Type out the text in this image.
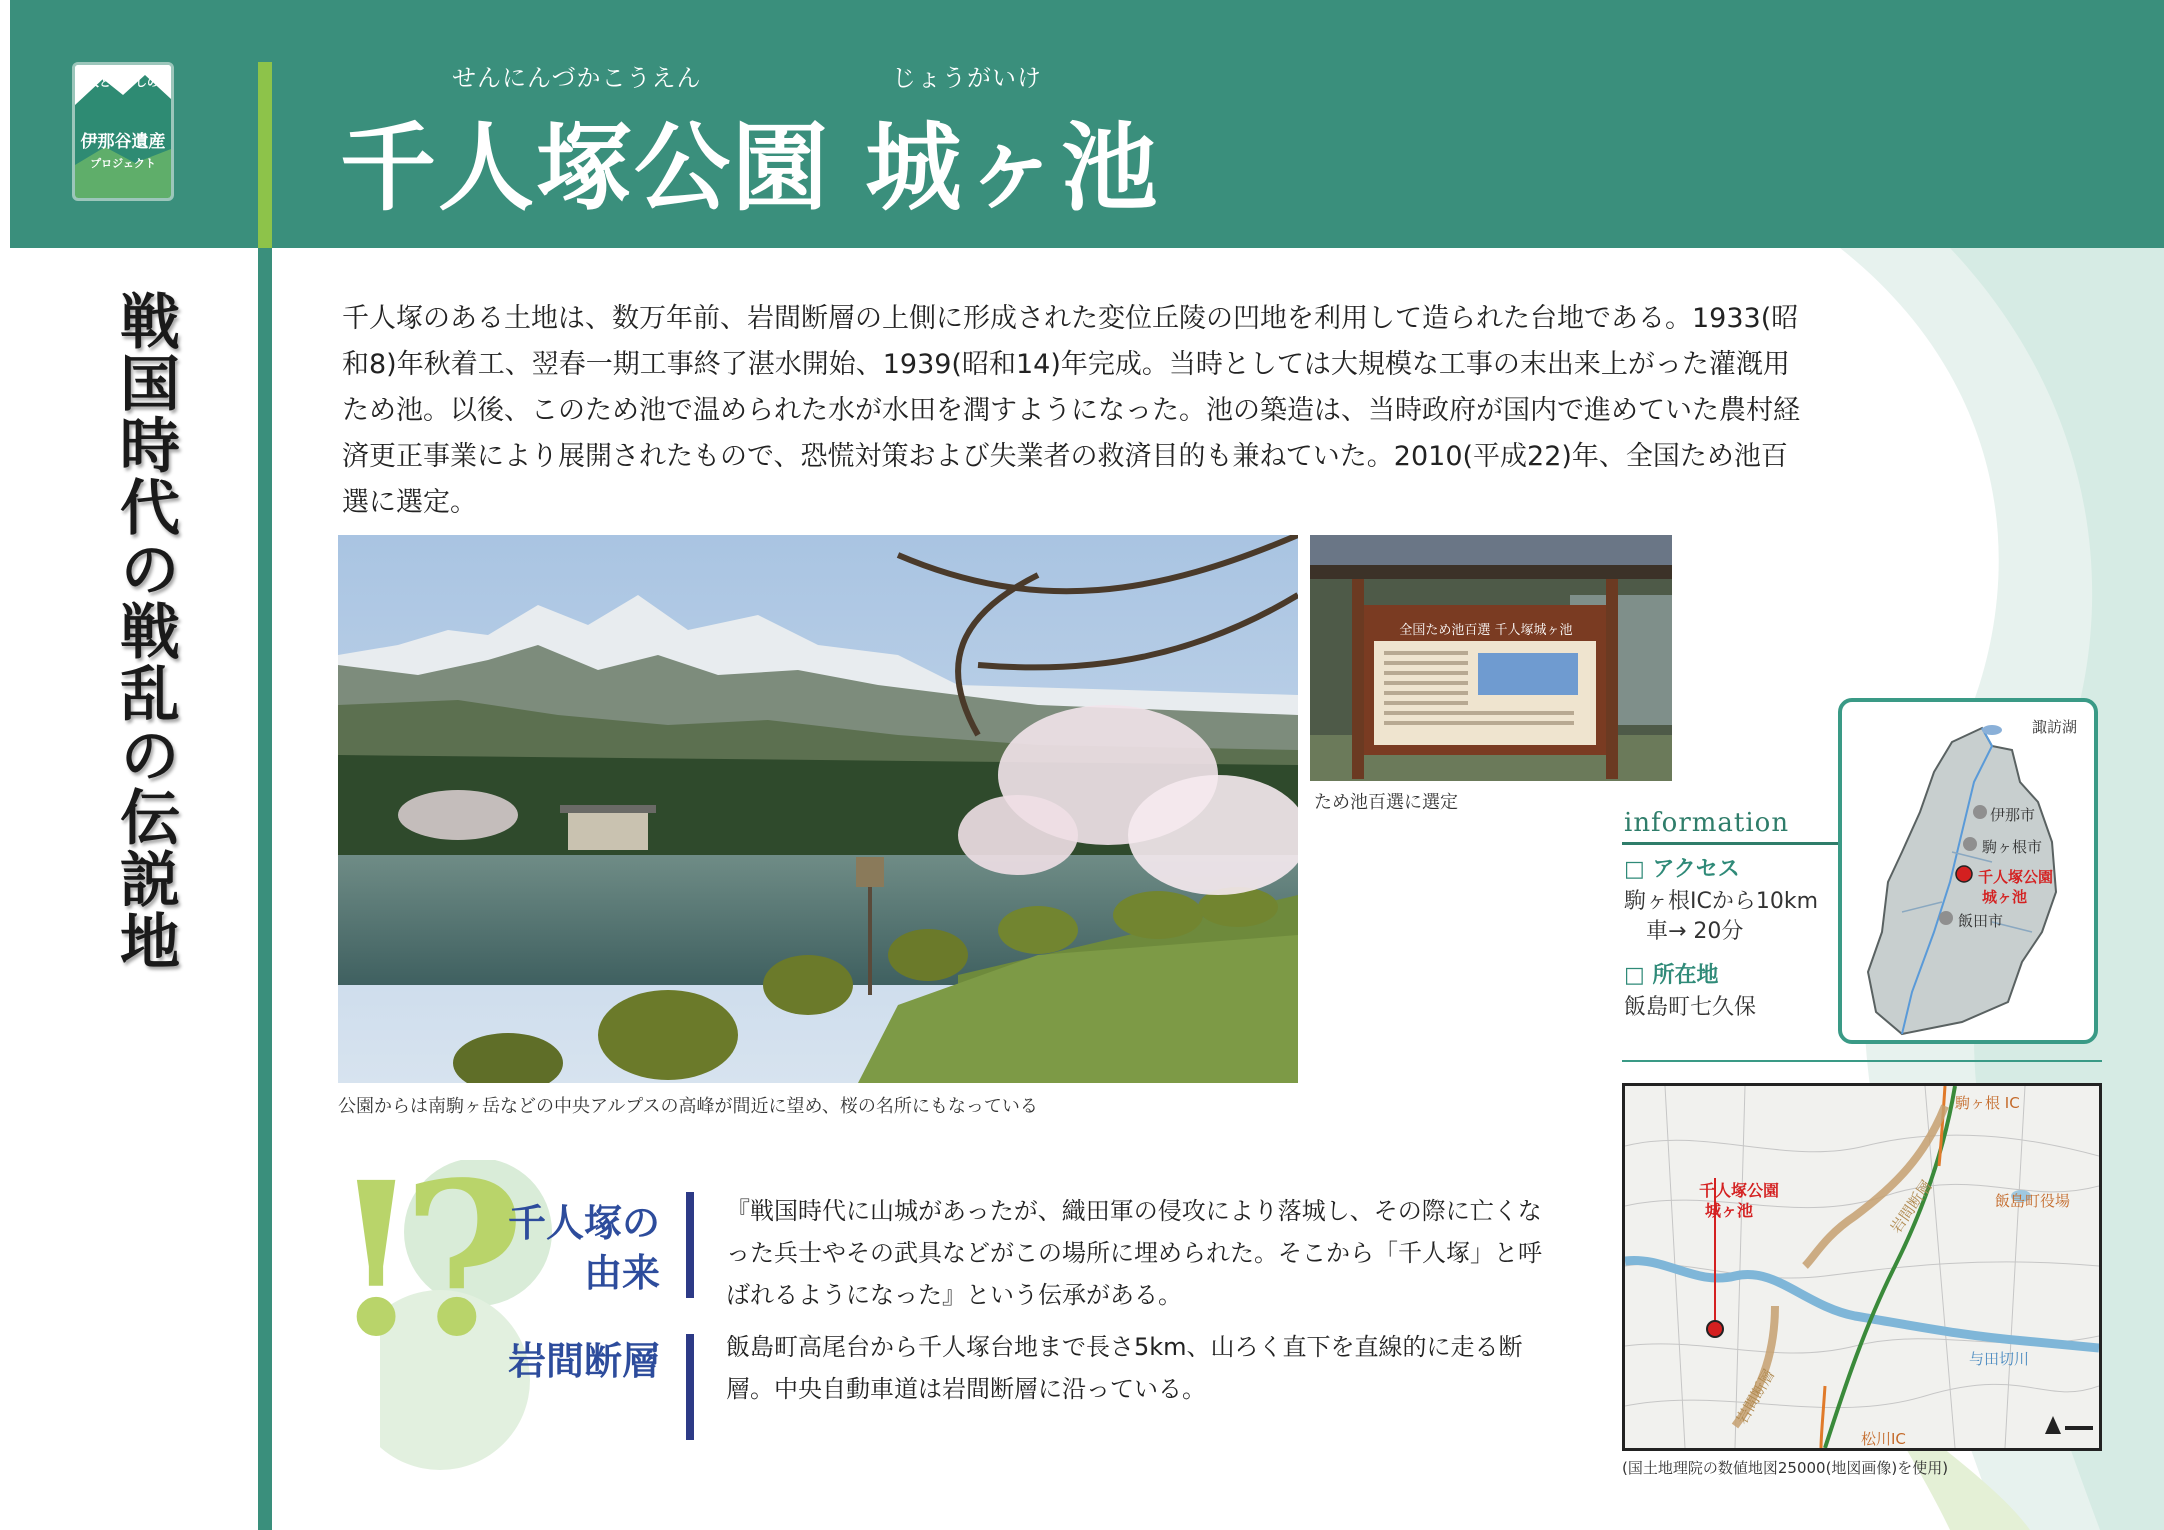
人と暮らしの
伊那谷遺産
プロジェクト
せんにんづかこうえん	じょうがいけ
千人塚公園 城ヶ池
戦国時代の戦乱の伝説地	千人塚のある土地は、数万年前、岩間断層の上側に形成された変位丘陵の凹地を利用して造られた台地である。1933(昭和8)年秋着工、翌春一期工事終了湛水開始、1939(昭和14)年完成。当時としては大規模な工事の末出来上がった灌漑用ため池。以後、このため池で温められた水が水田を潤すようになった。池の築造は、当時政府が国内で進めていた農村経済更正事業により展開されたもので、恐慌対策および失業者の救済目的も兼ねていた。2010(平成22)年、全国ため池百選に選定。
公園からは南駒ヶ岳などの中央アルプスの高峰が間近に望め、桜の名所にもなっている
全国ため池百選 千人塚城ヶ池
ため池百選に選定
information
□ アクセス
駒ヶ根ICから10km
車→ 20分
□ 所在地
飯島町七久保
諏訪湖
伊那市
駒ヶ根市
千人塚公園
城ヶ池
飯田市
駒ヶ根 IC
千人塚公園
城ヶ池	飯島町役場
岩間断層
与田切川
岩間断層
松川IC
(国土地理院の数値地図25000(地図画像)を使用)
!? 千人塚の
由来
『戦国時代に山城があったが、織田軍の侵攻により落城し、その際に亡くなった兵士やその武具などがこの場所に埋められた。そこから「千人塚」と呼ばれるようになった』という伝承がある。
岩間断層	飯島町高尾台から千人塚台地まで長さ5km、山ろく直下を直線的に走る断層。中央自動車道は岩間断層に沿っている。
